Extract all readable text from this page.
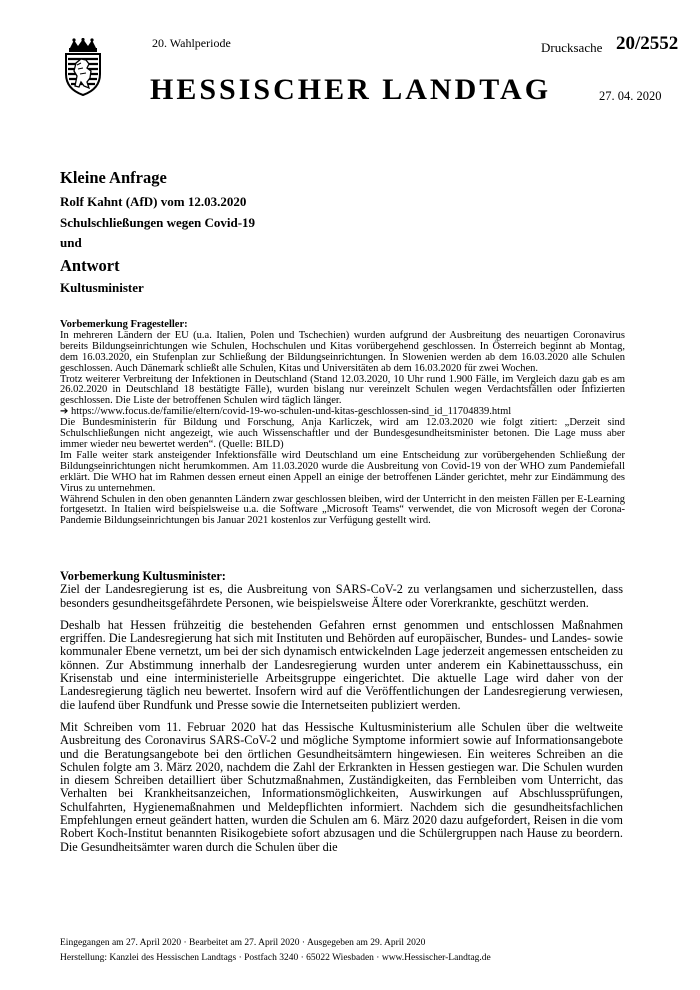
20. Wahlperiode	Drucksache 20/2552
HESSISCHER LANDTAG	27. 04. 2020
Kleine Anfrage
Rolf Kahnt (AfD) vom 12.03.2020
Schulschließungen wegen Covid-19
und
Antwort
Kultusminister

Vorbemerkung Fragesteller:

In mehreren Ländern der EU (u.a. Italien, Polen und Tschechien) wurden aufgrund der Ausbreitung des neuartigen Coronavirus bereits Bildungseinrichtungen wie Schulen, Hochschulen und Kitas vorübergehend geschlossen. In Österreich beginnt ab Montag, dem 16.03.2020, ein Stufenplan zur Schließung der Bildungseinrichtungen. In Slowenien werden ab dem 16.03.2020 alle Schulen geschlossen. Auch Dänemark schließt alle Schulen, Kitas und Universitäten ab dem 16.03.2020 für zwei Wochen.

Trotz weiterer Verbreitung der Infektionen in Deutschland (Stand 12.03.2020, 10 Uhr rund 1.900 Fälle, im Vergleich dazu gab es am 26.02.2020 in Deutschland 18 bestätigte Fälle), wurden bislang nur vereinzelt Schulen wegen Verdachtsfällen oder Infizierten geschlossen. Die Liste der betroffenen Schulen wird täglich länger.

➔ https://www.focus.de/familie/eltern/covid-19-wo-schulen-und-kitas-geschlossen-sind_id_11704839.html

Die Bundesministerin für Bildung und Forschung, Anja Karliczek, wird am 12.03.2020 wie folgt zitiert: „Derzeit sind Schulschließungen nicht angezeigt, wie auch Wissenschaftler und der Bundesgesundheitsminister betonen. Die Lage muss aber immer wieder neu bewertet werden“. (Quelle: BILD)

Im Falle weiter stark ansteigender Infektionsfälle wird Deutschland um eine Entscheidung zur vorübergehenden Schließung der Bildungseinrichtungen nicht herumkommen. Am 11.03.2020 wurde die Ausbreitung von Covid-19 von der WHO zum Pandemiefall erklärt. Die WHO hat im Rahmen dessen erneut einen Appell an einige der betroffenen Länder gerichtet, mehr zur Eindämmung des Virus zu unternehmen.

Während Schulen in den oben genannten Ländern zwar geschlossen bleiben, wird der Unterricht in den meisten Fällen per E-Learning fortgesetzt. In Italien wird beispielsweise u.a. die Software „Microsoft Teams“ verwendet, die von Microsoft wegen der Corona-Pandemie Bildungseinrichtungen bis Januar 2021 kostenlos zur Verfügung gestellt wird.

Vorbemerkung Kultusminister:

Ziel der Landesregierung ist es, die Ausbreitung von SARS-CoV-2 zu verlangsamen und sicherzustellen, dass besonders gesundheitsgefährdete Personen, wie beispielsweise Ältere oder Vorerkrankte, geschützt werden.

Deshalb hat Hessen frühzeitig die bestehenden Gefahren ernst genommen und entschlossen Maßnahmen ergriffen. Die Landesregierung hat sich mit Instituten und Behörden auf europäischer, Bundes- und Landes- sowie kommunaler Ebene vernetzt, um bei der sich dynamisch entwickelnden Lage jederzeit angemessen entscheiden zu können. Zur Abstimmung innerhalb der Landesregierung wurden unter anderem ein Kabinettausschuss, ein Krisenstab und eine interministerielle Arbeitsgruppe eingerichtet. Die aktuelle Lage wird daher von der Landesregierung täglich neu bewertet. Insofern wird auf die Veröffentlichungen der Landesregierung verwiesen, die laufend über Rundfunk und Presse sowie die Internetseiten publiziert werden.

Mit Schreiben vom 11. Februar 2020 hat das Hessische Kultusministerium alle Schulen über die weltweite Ausbreitung des Coronavirus SARS-CoV-2 und mögliche Symptome informiert sowie auf Informationsangebote und die Beratungsangebote bei den örtlichen Gesundheitsämtern hingewiesen. Ein weiteres Schreiben an die Schulen folgte am 3. März 2020, nachdem die Zahl der Erkrankten in Hessen gestiegen war. Die Schulen wurden in diesem Schreiben detailliert über Schutzmaßnahmen, Zuständigkeiten, das Fernbleiben vom Unterricht, das Verhalten bei Krankheitsanzeichen, Informationsmöglichkeiten, Auswirkungen auf Abschlussprüfungen, Schulfahrten, Hygienemaßnahmen und Meldepflichten informiert. Nachdem sich die gesundheitsfachlichen Empfehlungen erneut geändert hatten, wurden die Schulen am 6. März 2020 dazu aufgefordert, Reisen in die vom Robert Koch-Institut benannten Risikogebiete sofort abzusagen und die Schülergruppen nach Hause zu beordern. Die Gesundheitsämter waren durch die Schulen über die

Eingegangen am 27. April 2020 · Bearbeitet am 27. April 2020 · Ausgegeben am 29. April 2020
Herstellung: Kanzlei des Hessischen Landtags · Postfach 3240 · 65022 Wiesbaden · www.Hessischer-Landtag.de
